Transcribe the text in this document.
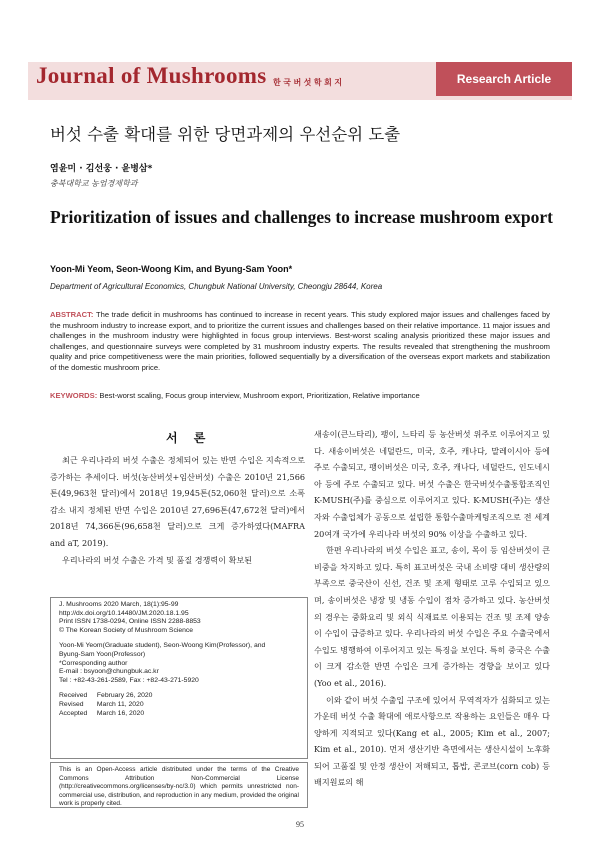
Journal of Mushrooms 한국버섯학회지	Research Article
버섯 수출 확대를 위한 당면과제의 우선순위 도출
염윤미 · 김선웅 · 윤병삼*
충북대학교 농업경제학과
Prioritization of issues and challenges to increase mushroom export
Yoon-Mi Yeom, Seon-Woong Kim, and Byung-Sam Yoon*
Department of Agricultural Economics, Chungbuk National University, Cheongju 28644, Korea
ABSTRACT: The trade deficit in mushrooms has continued to increase in recent years. This study explored major issues and challenges faced by the mushroom industry to increase export, and to prioritize the current issues and challenges based on their relative importance. 11 major issues and challenges in the mushroom industry were highlighted in focus group interviews. Best-worst scaling analysis prioritized these major issues and challenges, and questionnaire surveys were completed by 31 mushroom industry experts. The results revealed that strengthening the mushroom quality and price competitiveness were the main priorities, followed sequentially by a diversification of the overseas export markets and stabilization of the domestic mushroom price.
KEYWORDS: Best-worst scaling, Focus group interview, Mushroom export, Prioritization, Relative importance
서 론

최근 우리나라의 버섯 수출은 정체되어 있는 반면 수입은 지속적으로 증가하는 추세이다. 버섯(농산버섯+임산버섯) 수출은 2010년 21,566톤(49,963천 달러)에서 2018년 19,945톤(52,060천 달러)으로 소폭 감소 내지 정체된 반면 수입은 2010년 27,696톤(47,672천 달러)에서 2018년 74,366톤(96,658천 달러)으로 크게 증가하였다(MAFRA and aT, 2019).

우리나라의 버섯 수출은 가격 및 품질 경쟁력이 확보된

J. Mushrooms 2020 March, 18(1):95-99
http://dx.doi.org/10.14480/JM.2020.18.1.95
Print ISSN 1738-0294, Online ISSN 2288-8853
© The Korean Society of Mushroom Science
Yoon-Mi Yeom(Graduate student), Seon-Woong Kim(Professor), and
Byung-Sam Yoon(Professor)
*Corresponding author
E-mail : bsyoon@chungbuk.ac.kr
Tel : +82-43-261-2589, Fax : +82-43-271-5920
Received February 26, 2020
Revised March 11, 2020
Accepted March 16, 2020
This is an Open-Access article distributed under the terms of the Creative Commons Attribution Non-Commercial License (http://creativecommons.org/licenses/by-nc/3.0) which permits unrestricted non-commercial use, distribution, and reproduction in any medium, provided the original work is properly cited.

새송이(큰느타리), 팽이, 느타리 등 농산버섯 위주로 이루어지고 있다. 새송이버섯은 네덜란드, 미국, 호주, 캐나다, 말레이시아 등에 주로 수출되고, 팽이버섯은 미국, 호주, 캐나다, 네덜란드, 인도네시아 등에 주로 수출되고 있다. 버섯 수출은 한국버섯수출통합조직인 K-MUSH(주)를 중심으로 이루어지고 있다. K-MUSH(주)는 생산자와 수출업체가 공동으로 설립한 통합수출마케팅조직으로 전 세계 20여개 국가에 우리나라 버섯의 90% 이상을 수출하고 있다.

한편 우리나라의 버섯 수입은 표고, 송이, 목이 등 임산버섯이 큰 비중을 차지하고 있다. 특히 표고버섯은 국내 소비량 대비 생산량의 부족으로 중국산이 신선, 건조 및 조제 형태로 고루 수입되고 있으며, 송이버섯은 냉장 및 냉동 수입이 점차 증가하고 있다. 농산버섯의 경우는 중화요리 및 외식 식재료로 이용되는 건조 및 조제 양송이 수입이 급증하고 있다. 우리나라의 버섯 수입은 주요 수출국에서 수입도 병행하여 이루어지고 있는 특징을 보인다. 특히 중국은 수출이 크게 감소한 반면 수입은 크게 증가하는 경향을 보이고 있다(Yoo et al., 2016).

이와 같이 버섯 수출입 구조에 있어서 무역적자가 심화되고 있는 가운데 버섯 수출 확대에 애로사항으로 작용하는 요인들은 매우 다양하게 지적되고 있다(Kang et al., 2005; Kim et al., 2007; Kim et al., 2010). 먼저 생산기반 측면에서는 생산시설이 노후화되어 고품질 및 안정 생산이 저해되고, 톱밥, 콘코브(corn cob) 등 배지원료의 해

95
